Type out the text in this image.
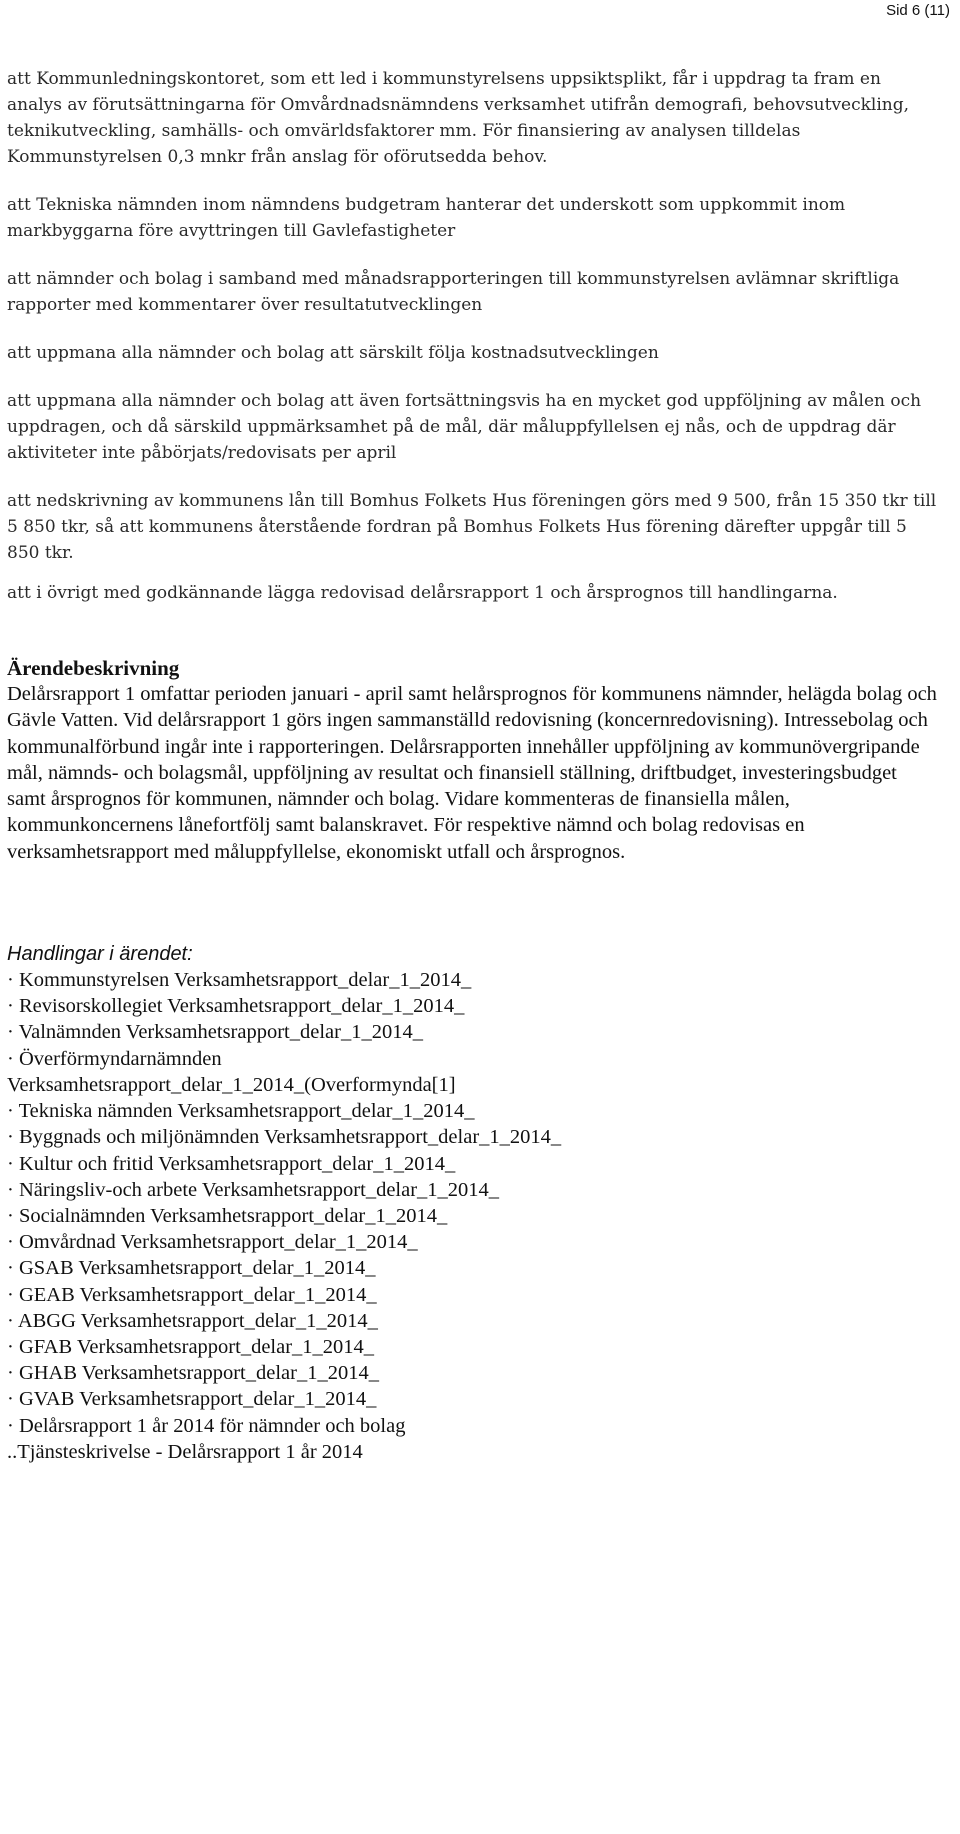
Sid 6 (11)

att Kommunledningskontoret, som ett led i kommunstyrelsens uppsiktsplikt, får i uppdrag ta fram en analys av förutsättningarna för Omvårdnadsnämndens verksamhet utifrån demografi, behovsutveckling, teknikutveckling, samhälls- och omvärldsfaktorer mm. För finansiering av analysen tilldelas Kommunstyrelsen 0,3 mnkr från anslag för oförutsedda behov.

att Tekniska nämnden inom nämndens budgetram hanterar det underskott som uppkommit inom markbyggarna före avyttringen till Gavlefastigheter

att nämnder och bolag i samband med månadsrapporteringen till kommunstyrelsen avlämnar skriftliga rapporter med kommentarer över resultatutvecklingen

att uppmana alla nämnder och bolag att särskilt följa kostnadsutvecklingen

att uppmana alla nämnder och bolag att även fortsättningsvis ha en mycket god uppföljning av målen och uppdragen, och då särskild uppmärksamhet på de mål, där måluppfyllelsen ej nås, och de uppdrag där aktiviteter inte påbörjats/redovisats per april

att nedskrivning av kommunens lån till Bomhus Folkets Hus föreningen görs med 9 500, från 15 350 tkr till 5 850 tkr, så att kommunens återstående fordran på Bomhus Folkets Hus förening därefter uppgår till 5 850 tkr.

att i övrigt med godkännande lägga redovisad delårsrapport 1 och årsprognos till handlingarna.

Ärendebeskrivning

Delårsrapport 1 omfattar perioden januari - april samt helårsprognos för kommunens nämnder, helägda bolag och Gävle Vatten. Vid delårsrapport 1 görs ingen sammanställd redovisning (koncernredovisning). Intressebolag och kommunalförbund ingår inte i rapporteringen. Delårsrapporten innehåller uppföljning av kommunövergripande mål, nämnds- och bolagsmål, uppföljning av resultat och finansiell ställning, driftbudget, investeringsbudget samt årsprognos för kommunen, nämnder och bolag. Vidare kommenteras de finansiella målen, kommunkoncernens lånefortfölj samt balanskravet. För respektive nämnd och bolag redovisas en verksamhetsrapport med måluppfyllelse, ekonomiskt utfall och årsprognos.

Handlingar i ärendet:
· Kommunstyrelsen Verksamhetsrapport_delar_1_2014_
· Revisorskollegiet Verksamhetsrapport_delar_1_2014_
· Valnämnden Verksamhetsrapport_delar_1_2014_
· Överförmyndarnämnden
Verksamhetsrapport_delar_1_2014_(Overformynda[1]
· Tekniska nämnden Verksamhetsrapport_delar_1_2014_
· Byggnads och miljönämnden Verksamhetsrapport_delar_1_2014_
· Kultur och fritid Verksamhetsrapport_delar_1_2014_
· Näringsliv-och arbete Verksamhetsrapport_delar_1_2014_
· Socialnämnden Verksamhetsrapport_delar_1_2014_
· Omvårdnad Verksamhetsrapport_delar_1_2014_
· GSAB Verksamhetsrapport_delar_1_2014_
· GEAB Verksamhetsrapport_delar_1_2014_
· ABGG Verksamhetsrapport_delar_1_2014_
· GFAB Verksamhetsrapport_delar_1_2014_
· GHAB Verksamhetsrapport_delar_1_2014_
· GVAB Verksamhetsrapport_delar_1_2014_
· Delårsrapport 1 år 2014 för nämnder och bolag
..Tjänsteskrivelse - Delårsrapport 1 år 2014
